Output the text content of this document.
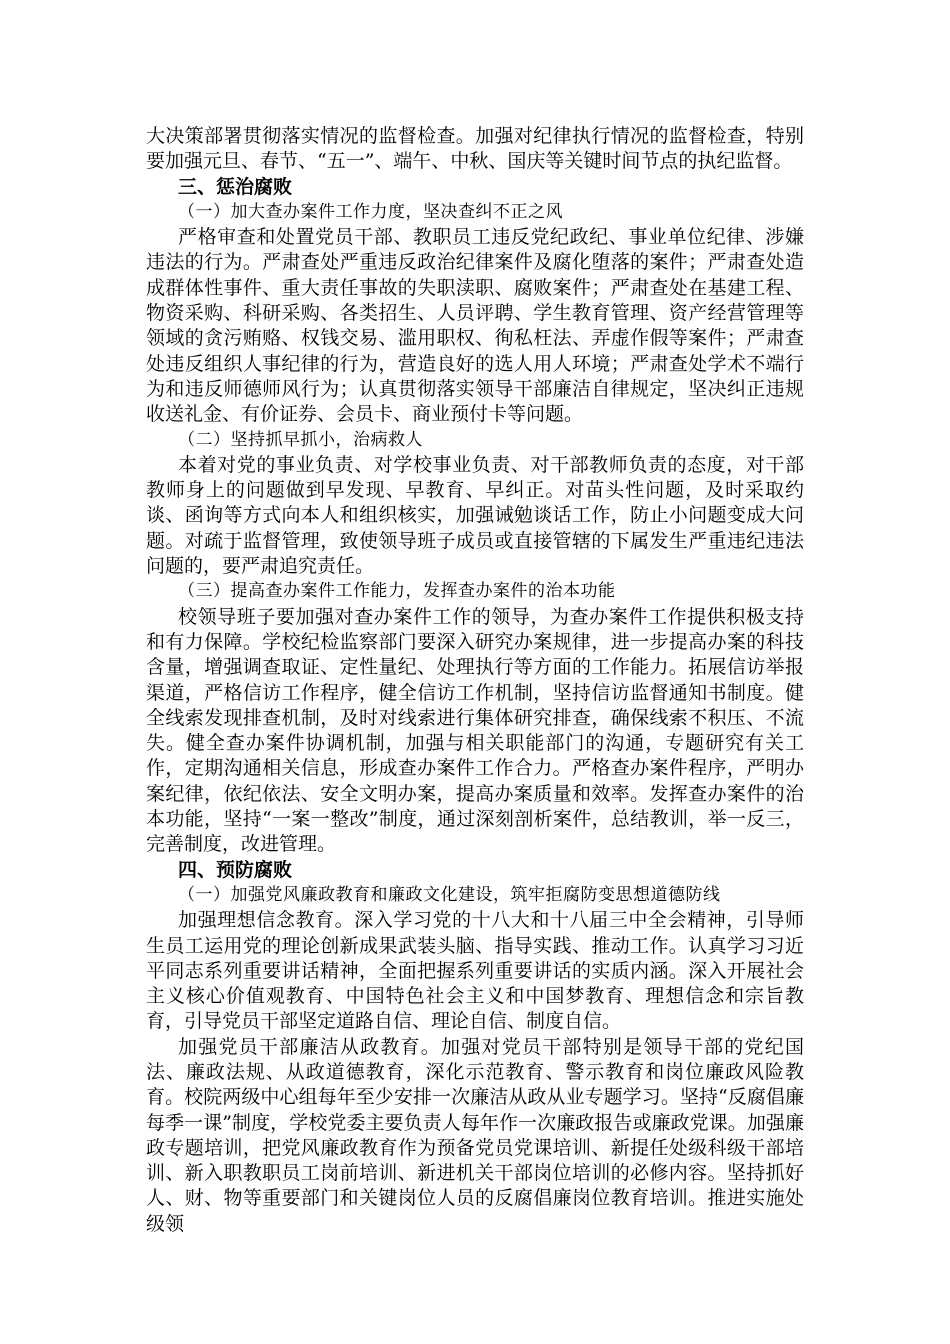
大决策部署贯彻落实情况的监督检查。加强对纪律执行情况的监督检查，特别要加强元旦、春节、“五一”、端午、中秋、国庆等关键时间节点的执纪监督。

三、惩治腐败

（一）加大查办案件工作力度，坚决查纠不正之风

严格审查和处置党员干部、教职员工违反党纪政纪、事业单位纪律、涉嫌违法的行为。严肃查处严重违反政治纪律案件及腐化堕落的案件；严肃查处造成群体性事件、重大责任事故的失职渎职、腐败案件；严肃查处在基建工程、物资采购、科研采购、各类招生、人员评聘、学生教育管理、资产经营管理等领域的贪污贿赂、权钱交易、滥用职权、徇私枉法、弄虚作假等案件；严肃查处违反组织人事纪律的行为，营造良好的选人用人环境；严肃查处学术不端行为和违反师德师风行为；认真贯彻落实领导干部廉洁自律规定，坚决纠正违规收送礼金、有价证券、会员卡、商业预付卡等问题。

（二）坚持抓早抓小，治病救人

本着对党的事业负责、对学校事业负责、对干部教师负责的态度，对干部教师身上的问题做到早发现、早教育、早纠正。对苗头性问题，及时采取约谈、函询等方式向本人和组织核实，加强诫勉谈话工作，防止小问题变成大问题。对疏于监督管理，致使领导班子成员或直接管辖的下属发生严重违纪违法问题的，要严肃追究责任。

（三）提高查办案件工作能力，发挥查办案件的治本功能

校领导班子要加强对查办案件工作的领导，为查办案件工作提供积极支持和有力保障。学校纪检监察部门要深入研究办案规律，进一步提高办案的科技含量，增强调查取证、定性量纪、处理执行等方面的工作能力。拓展信访举报渠道，严格信访工作程序，健全信访工作机制，坚持信访监督通知书制度。健全线索发现排查机制，及时对线索进行集体研究排查，确保线索不积压、不流失。健全查办案件协调机制，加强与相关职能部门的沟通，专题研究有关工作，定期沟通相关信息，形成查办案件工作合力。严格查办案件程序，严明办案纪律，依纪依法、安全文明办案，提高办案质量和效率。发挥查办案件的治本功能，坚持“一案一整改”制度，通过深刻剖析案件，总结教训，举一反三，完善制度，改进管理。

四、预防腐败

（一）加强党风廉政教育和廉政文化建设，筑牢拒腐防变思想道德防线

加强理想信念教育。深入学习党的十八大和十八届三中全会精神，引导师生员工运用党的理论创新成果武装头脑、指导实践、推动工作。认真学习习近平同志系列重要讲话精神，全面把握系列重要讲话的实质内涵。深入开展社会主义核心价值观教育、中国特色社会主义和中国梦教育、理想信念和宗旨教育，引导党员干部坚定道路自信、理论自信、制度自信。

加强党员干部廉洁从政教育。加强对党员干部特别是领导干部的党纪国法、廉政法规、从政道德教育，深化示范教育、警示教育和岗位廉政风险教育。校院两级中心组每年至少安排一次廉洁从政从业专题学习。坚持“反腐倡廉每季一课”制度，学校党委主要负责人每年作一次廉政报告或廉政党课。加强廉政专题培训，把党风廉政教育作为预备党员党课培训、新提任处级科级干部培训、新入职教职员工岗前培训、新进机关干部岗位培训的必修内容。坚持抓好人、财、物等重要部门和关键岗位人员的反腐倡廉岗位教育培训。推进实施处级领
